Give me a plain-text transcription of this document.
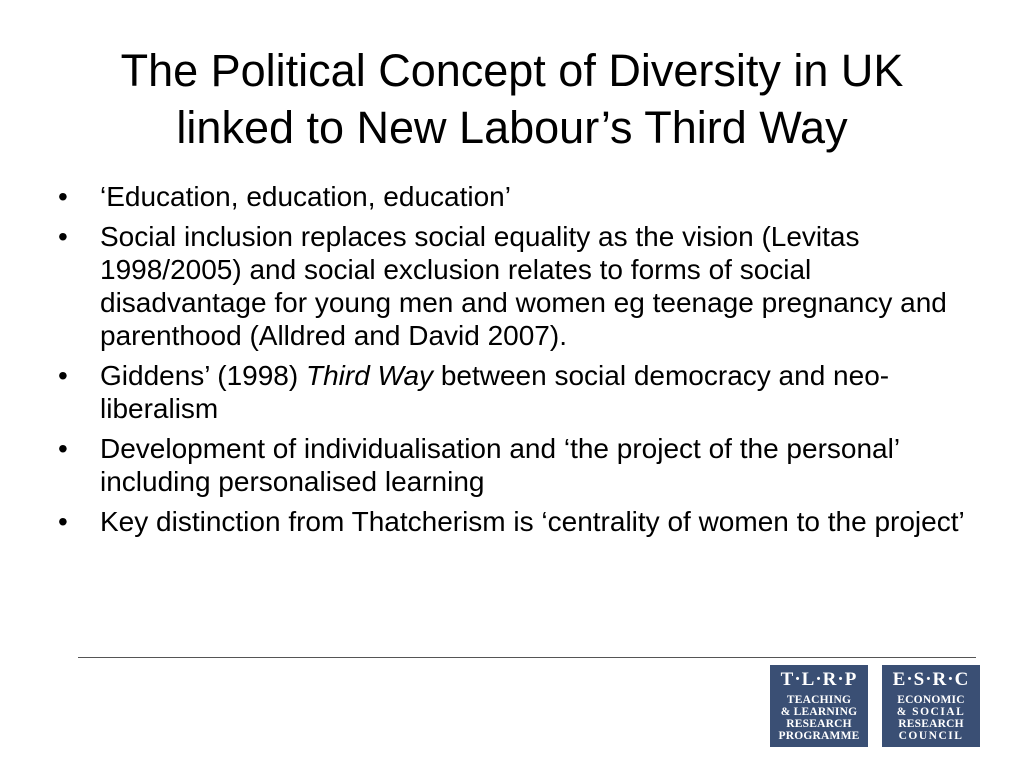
The Political Concept of Diversity in UK
linked to New Labour’s Third Way
• ‘Education, education, education’
• Social inclusion replaces social equality as the vision (Levitas 1998/2005) and social exclusion relates to forms of social disadvantage for young men and women eg teenage pregnancy and parenthood (Alldred and David 2007).
• Giddens’ (1998) Third Way between social democracy and neo-liberalism
• Development of individualisation and ‘the project of the personal’ including personalised learning
• Key distinction from Thatcherism is ‘centrality of women to the project’
T·L·R·P
TEACHING
& LEARNING
RESEARCH
PROGRAMME
E·S·R·C
ECONOMIC
& SOCIAL
RESEARCH
COUNCIL
